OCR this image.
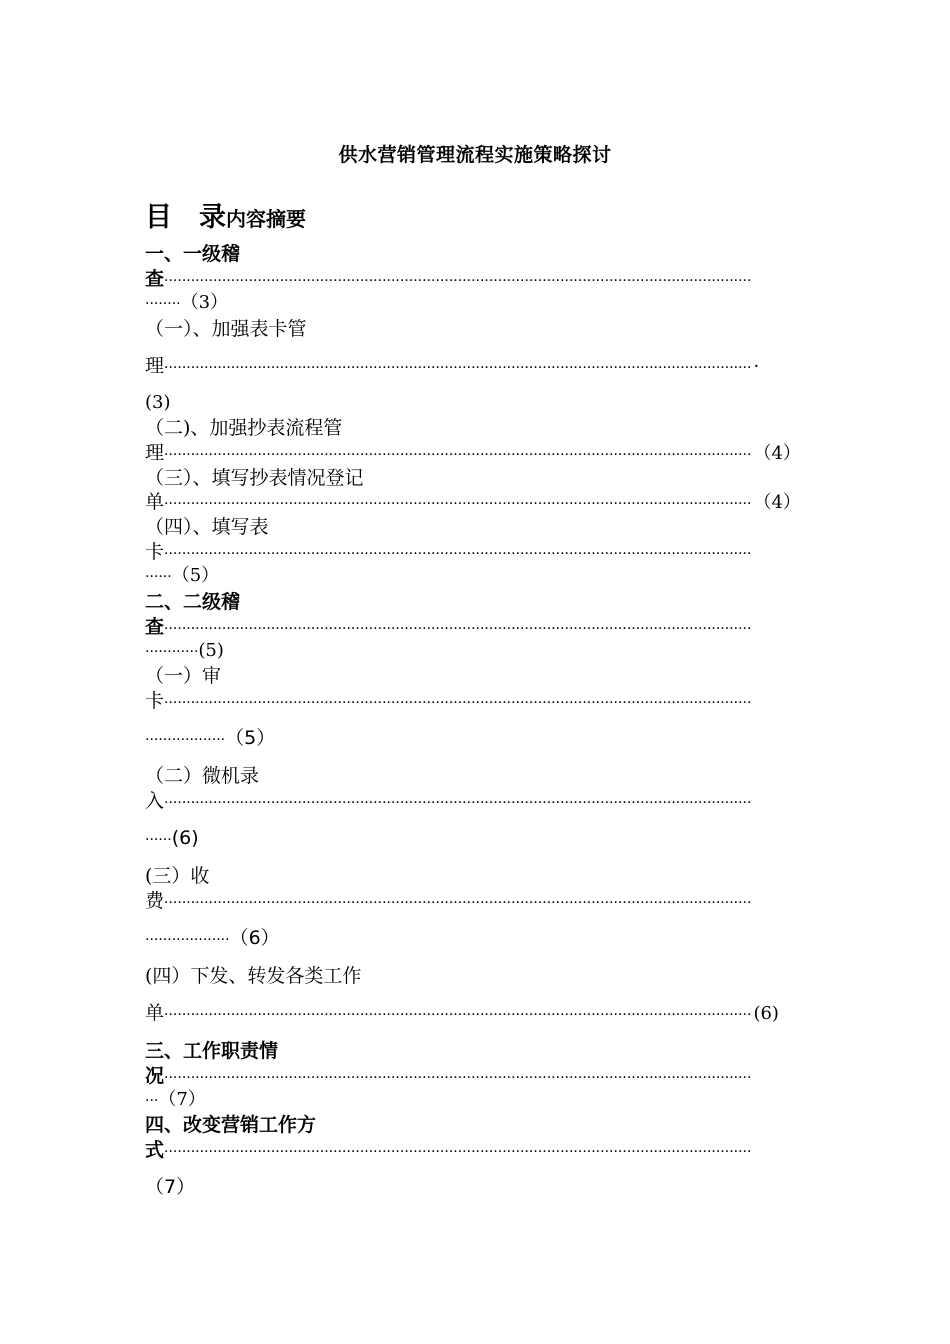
供水营销管理流程实施策略探讨
目　录内容摘要
一、一级稽
查 ····································································································································
········ （3）
（一）、加强表卡管
理 ···································································································································· ·
(3)
（二)、加强抄表流程管
理 ···································································································································· （4）
（三）、填写抄表情况登记
单 ···································································································································· （4）
（四）、填写表
卡 ····································································································································
······ （5）
二、二级稽
查 ····································································································································
············ (5)
（一）审
卡 ····································································································································
·················· （5）
（二）微机录
入 ····································································································································
······ (6)
(三）收
费 ····································································································································
··················· （6）
(四）下发、转发各类工作
单 ···································································································································· (6)
三、工作职责情
况 ····································································································································
··· （7）
四、改变营销工作方
式 ····································································································································
（7）
